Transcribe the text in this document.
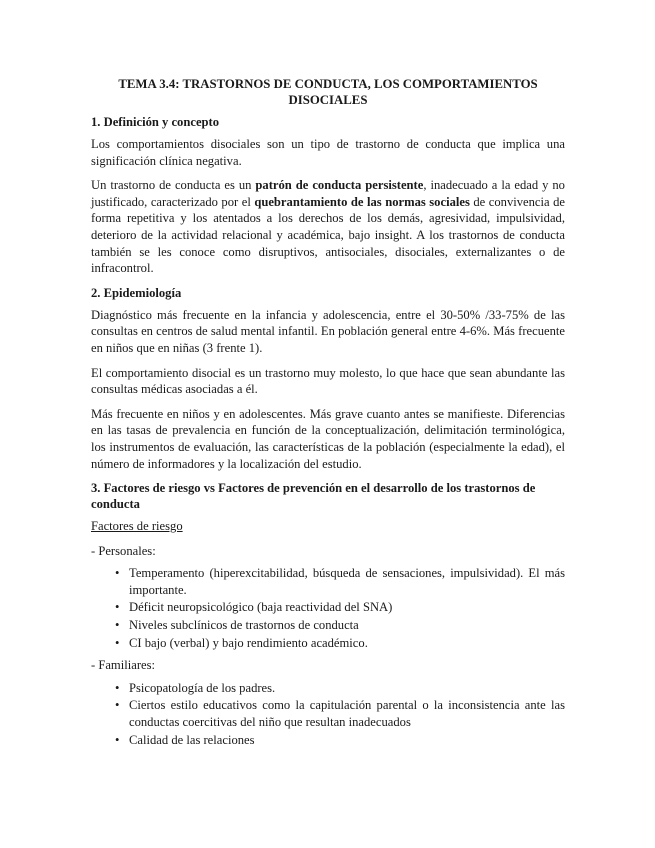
TEMA 3.4: TRASTORNOS DE CONDUCTA, LOS COMPORTAMIENTOS DISOCIALES
1. Definición y concepto

Los comportamientos disociales son un tipo de trastorno de conducta que implica una significación clínica negativa.

Un trastorno de conducta es un patrón de conducta persistente, inadecuado a la edad y no justificado, caracterizado por el quebrantamiento de las normas sociales de convivencia de forma repetitiva y los atentados a los derechos de los demás, agresividad, impulsividad, deterioro de la actividad relacional y académica, bajo insight. A los trastornos de conducta también se les conoce como disruptivos, antisociales, disociales, externalizantes o de infracontrol.

2. Epidemiología

Diagnóstico más frecuente en la infancia y adolescencia, entre el 30-50% /33-75% de las consultas en centros de salud mental infantil. En población general entre 4-6%. Más frecuente en niños que en niñas (3 frente 1).

El comportamiento disocial es un trastorno muy molesto, lo que hace que sean abundante las consultas médicas asociadas a él.

Más frecuente en niños y en adolescentes. Más grave cuanto antes se manifieste. Diferencias en las tasas de prevalencia en función de la conceptualización, delimitación terminológica, los instrumentos de evaluación, las características de la población (especialmente la edad), el número de informadores y la localización del estudio.

3. Factores de riesgo vs Factores de prevención en el desarrollo de los trastornos de conducta
Factores de riesgo
- Personales:
• Temperamento (hiperexcitabilidad, búsqueda de sensaciones, impulsividad). El más importante.
• Déficit neuropsicológico (baja reactividad del SNA)
• Niveles subclínicos de trastornos de conducta
• CI bajo (verbal) y bajo rendimiento académico.
- Familiares:
• Psicopatología de los padres.
• Ciertos estilo educativos como la capitulación parental o la inconsistencia ante las conductas coercitivas del niño que resultan inadecuados
• Calidad de las relaciones
